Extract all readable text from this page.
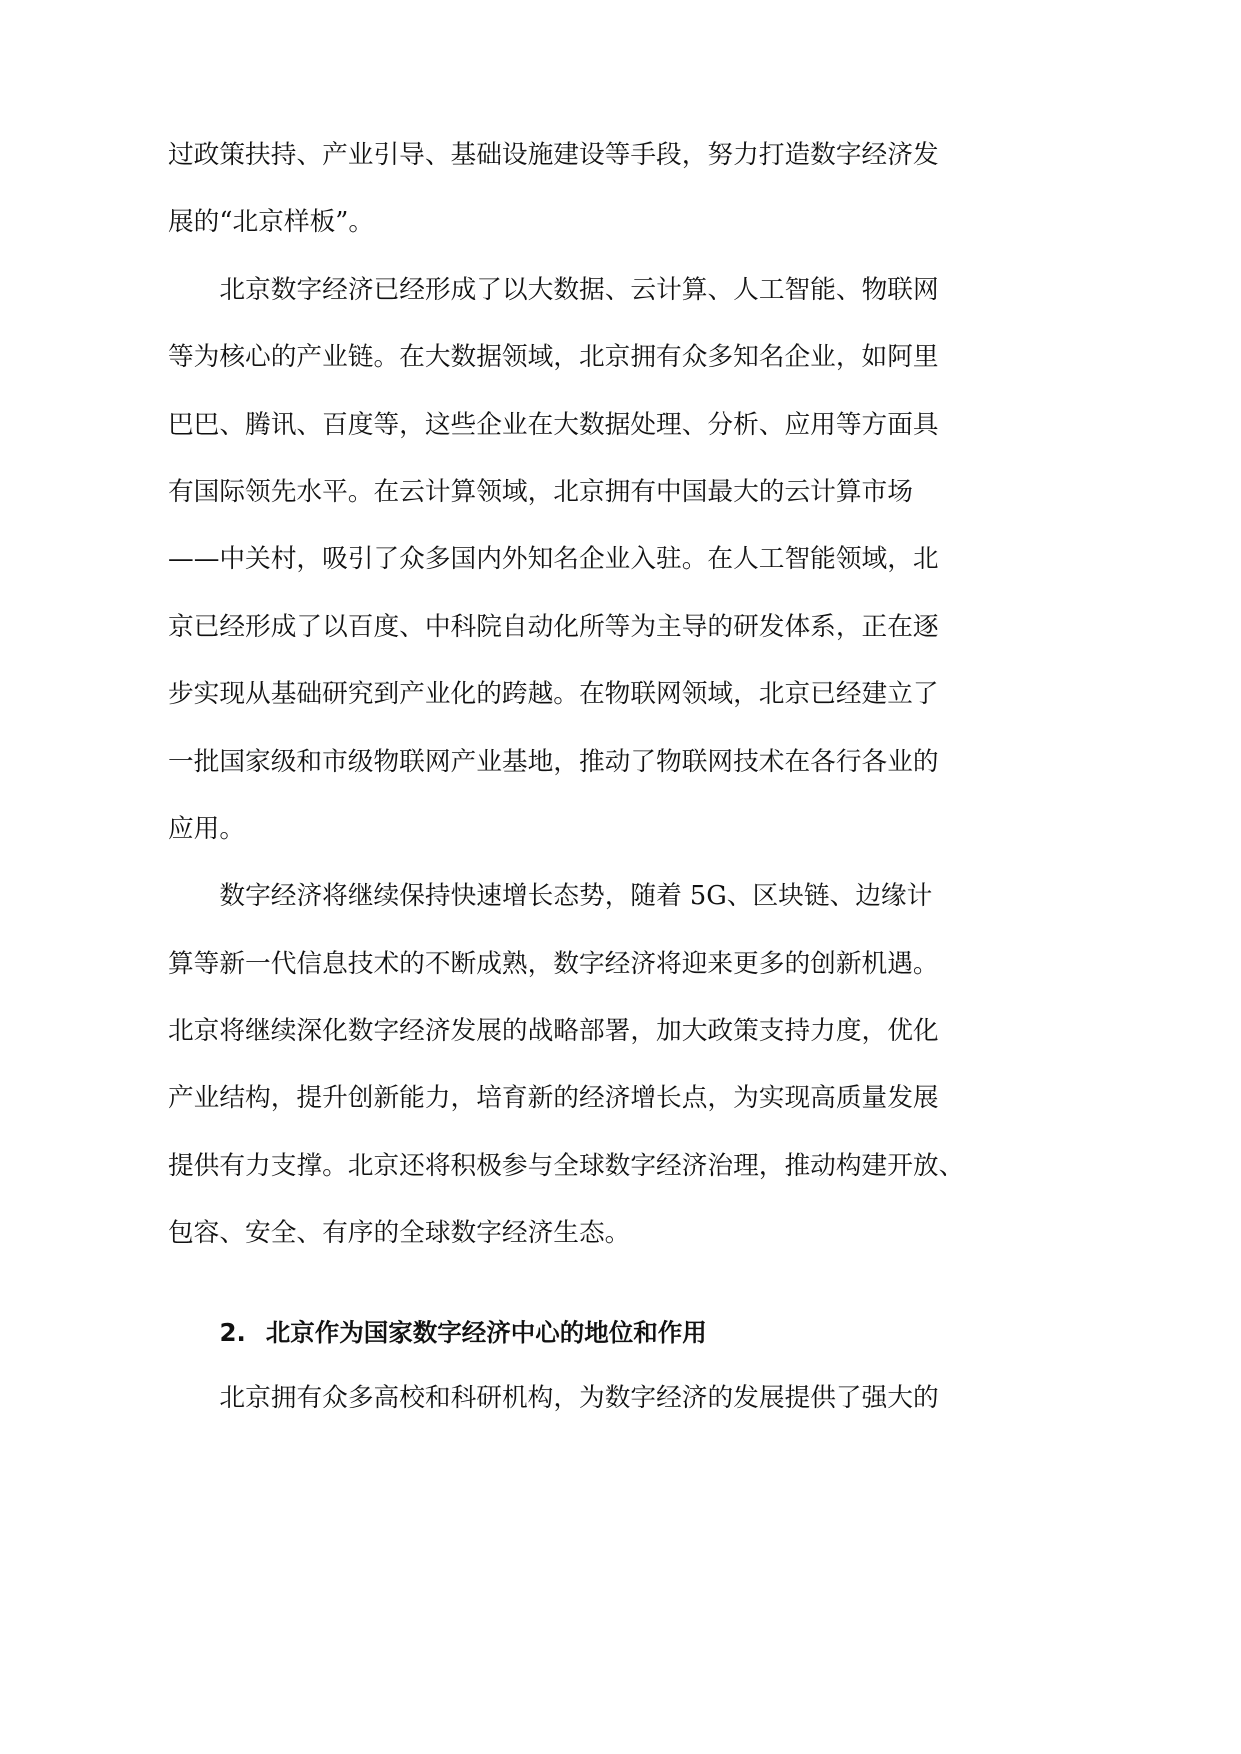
过政策扶持、产业引导、基础设施建设等手段，努力打造数字经济发
展的“北京样板”。
北京数字经济已经形成了以大数据、云计算、人工智能、物联网
等为核心的产业链。在大数据领域，北京拥有众多知名企业，如阿里
巴巴、腾讯、百度等，这些企业在大数据处理、分析、应用等方面具
有国际领先水平。在云计算领域，北京拥有中国最大的云计算市场
——中关村，吸引了众多国内外知名企业入驻。在人工智能领域，北
京已经形成了以百度、中科院自动化所等为主导的研发体系，正在逐
步实现从基础研究到产业化的跨越。在物联网领域，北京已经建立了
一批国家级和市级物联网产业基地，推动了物联网技术在各行各业的
应用。
数字经济将继续保持快速增长态势，随着 5G、区块链、边缘计
算等新一代信息技术的不断成熟，数字经济将迎来更多的创新机遇。
北京将继续深化数字经济发展的战略部署，加大政策支持力度，优化
产业结构，提升创新能力，培育新的经济增长点，为实现高质量发展
提供有力支撑。北京还将积极参与全球数字经济治理，推动构建开放、
包容、安全、有序的全球数字经济生态。
2. 北京作为国家数字经济中心的地位和作用
北京拥有众多高校和科研机构，为数字经济的发展提供了强大的
